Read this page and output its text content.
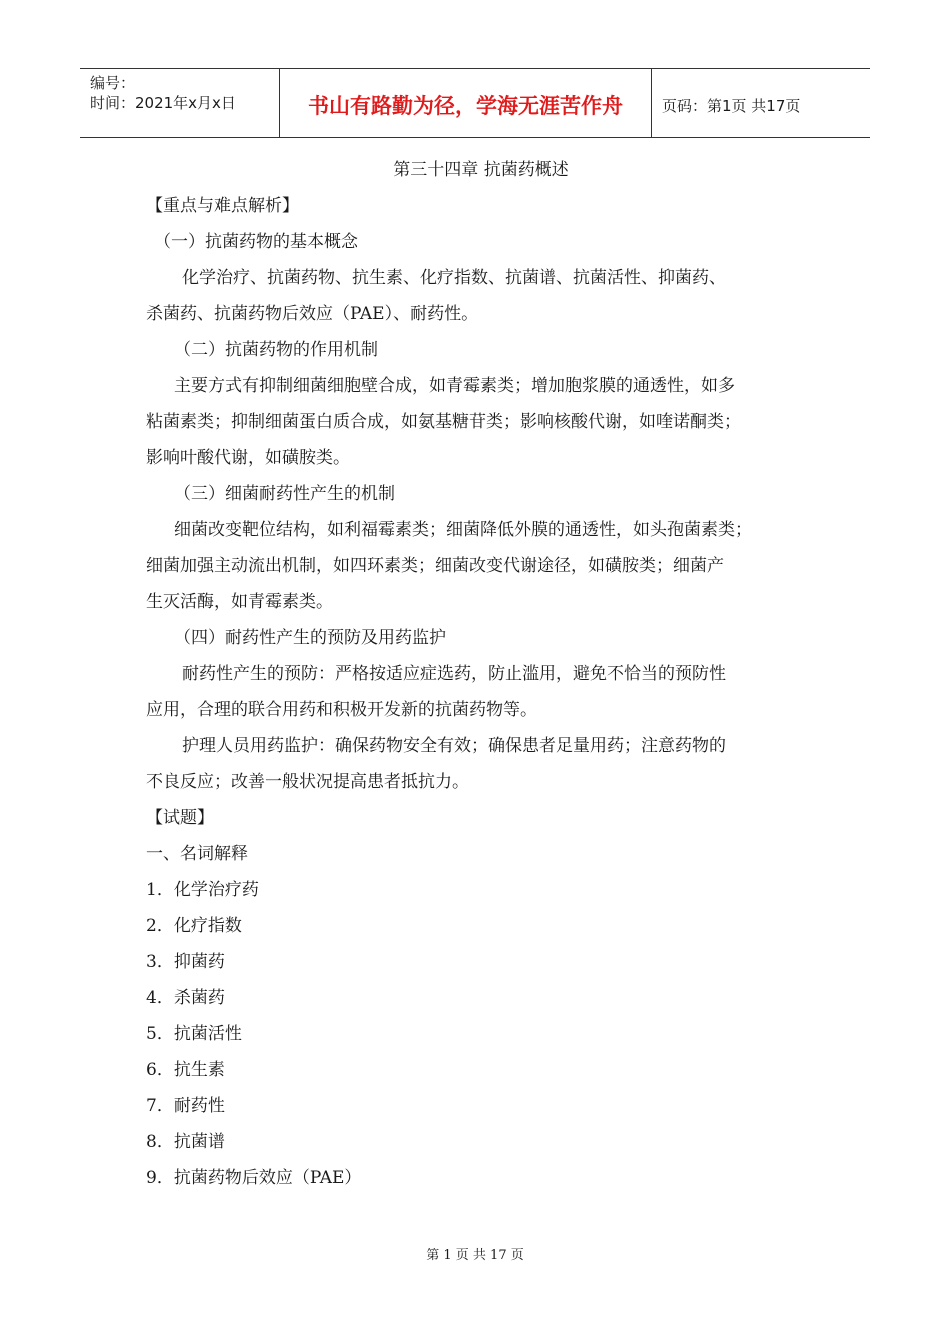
编号：
时间：2021年x月x日	书山有路勤为径，学海无涯苦作舟	页码：第1页 共17页
第三十四章 抗菌药概述
【重点与难点解析】
（一）抗菌药物的基本概念
化学治疗、抗菌药物、抗生素、化疗指数、抗菌谱、抗菌活性、抑菌药、
杀菌药、抗菌药物后效应（PAE）、耐药性。
（二）抗菌药物的作用机制
主要方式有抑制细菌细胞壁合成，如青霉素类；增加胞浆膜的通透性，如多
粘菌素类；抑制细菌蛋白质合成，如氨基糖苷类；影响核酸代谢，如喹诺酮类；
影响叶酸代谢，如磺胺类。
（三）细菌耐药性产生的机制
细菌改变靶位结构，如利福霉素类；细菌降低外膜的通透性，如头孢菌素类；
细菌加强主动流出机制，如四环素类；细菌改变代谢途径，如磺胺类；细菌产
生灭活酶，如青霉素类。
（四）耐药性产生的预防及用药监护
耐药性产生的预防：严格按适应症选药，防止滥用，避免不恰当的预防性
应用，合理的联合用药和积极开发新的抗菌药物等。
护理人员用药监护：确保药物安全有效；确保患者足量用药；注意药物的
不良反应；改善一般状况提高患者抵抗力。
【试题】
一、名词解释
1．化学治疗药
2．化疗指数
3．抑菌药
4．杀菌药
5．抗菌活性
6．抗生素
7．耐药性
8．抗菌谱
9．抗菌药物后效应（PAE）
第 1 页 共 17 页
